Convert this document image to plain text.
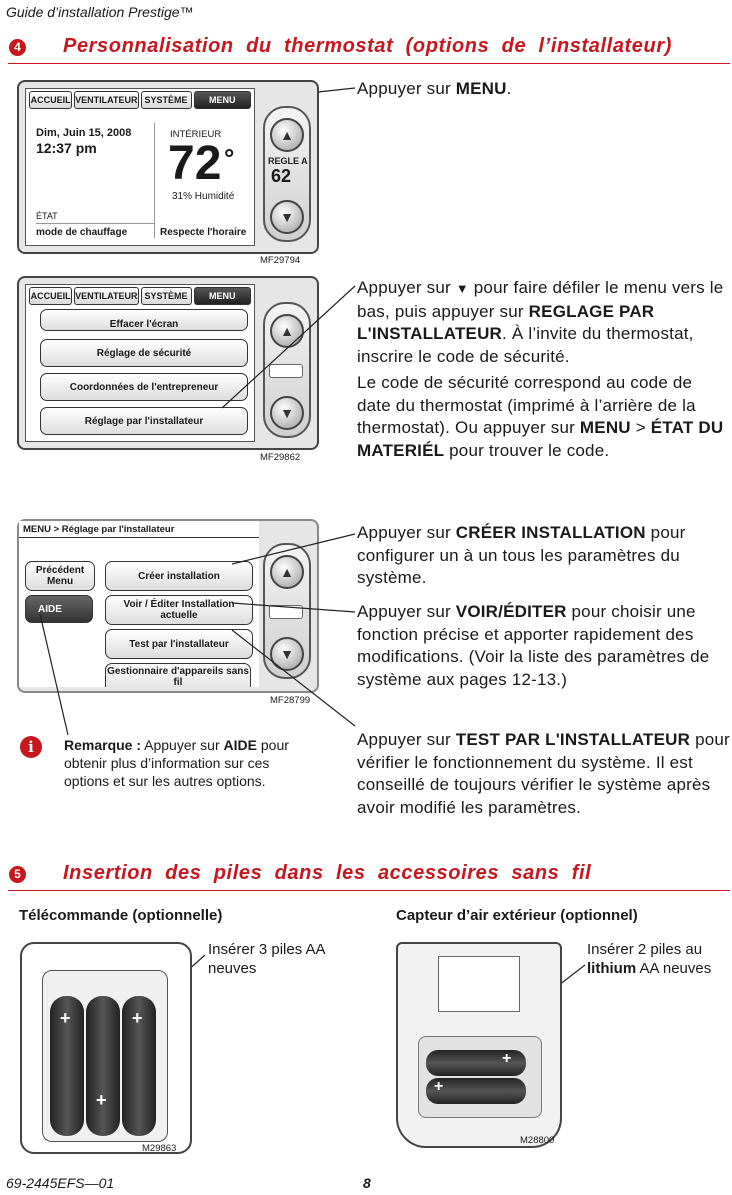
Guide d’installation Prestige™
4 Personnalisation  du  thermostat  (options  de  l’installateur)
ACCUEIL VENTILATEUR SYSTÈME	MENU
Dim, Juin 15, 2008
12:37 pm
INTÉRIEUR
72 °
31% Humidité
ÉTAT
mode de chauffage	Respecte l'horaire
▲
REGLE A
62
▼
MF29794
ACCUEIL VENTILATEUR SYSTÈME	MENU
Effacer l'écran
Réglage de sécurité
Coordonnées de l'entrepreneur
Réglage par l'installateur
▲
▼
MF29862
MENU > Réglage par l'installateur
Précédent Menu
AIDE
Créer installation
Voir / Éditer Installation actuelle
Test par l'installateur
Gestionnaire d'appareils sans fil
▲
▼
MF28799
Appuyer sur MENU.
Appuyer sur ▼ pour faire défiler le menu vers le bas, puis appuyer sur REGLAGE PAR L'INSTALLATEUR. À l’invite du thermostat, inscrire le code de sécurité.
Le code de sécurité correspond au code de date du thermostat (imprimé à l’arrière de la thermostat). Ou appuyer sur MENU > ÉTAT DU MATERIÉL pour trouver le code.
Appuyer sur CRÉER INSTALLATION pour configurer un à un tous les paramètres du système.
Appuyer sur VOIR/ÉDITER pour choisir une fonction précise et apporter rapidement des modifications. (Voir la liste des paramètres de système aux pages 12-13.)
Appuyer sur TEST PAR L'INSTALLATEUR pour vérifier le fonctionnement du système. Il est conseillé de toujours vérifier le système après avoir modifié les paramètres.
i	Remarque : Appuyer sur AIDE pour obtenir plus d’information sur ces options et sur les autres options.
5 Insertion  des  piles  dans  les  accessoires  sans  fil
Télécommande (optionnelle)	Capteur d’air extérieur (optionnel)
+
+
+
Insérer 3 piles AA neuves
M29863
+
+
Insérer 2 piles au lithium AA neuves
M28800
69-2445EFS—01	8
